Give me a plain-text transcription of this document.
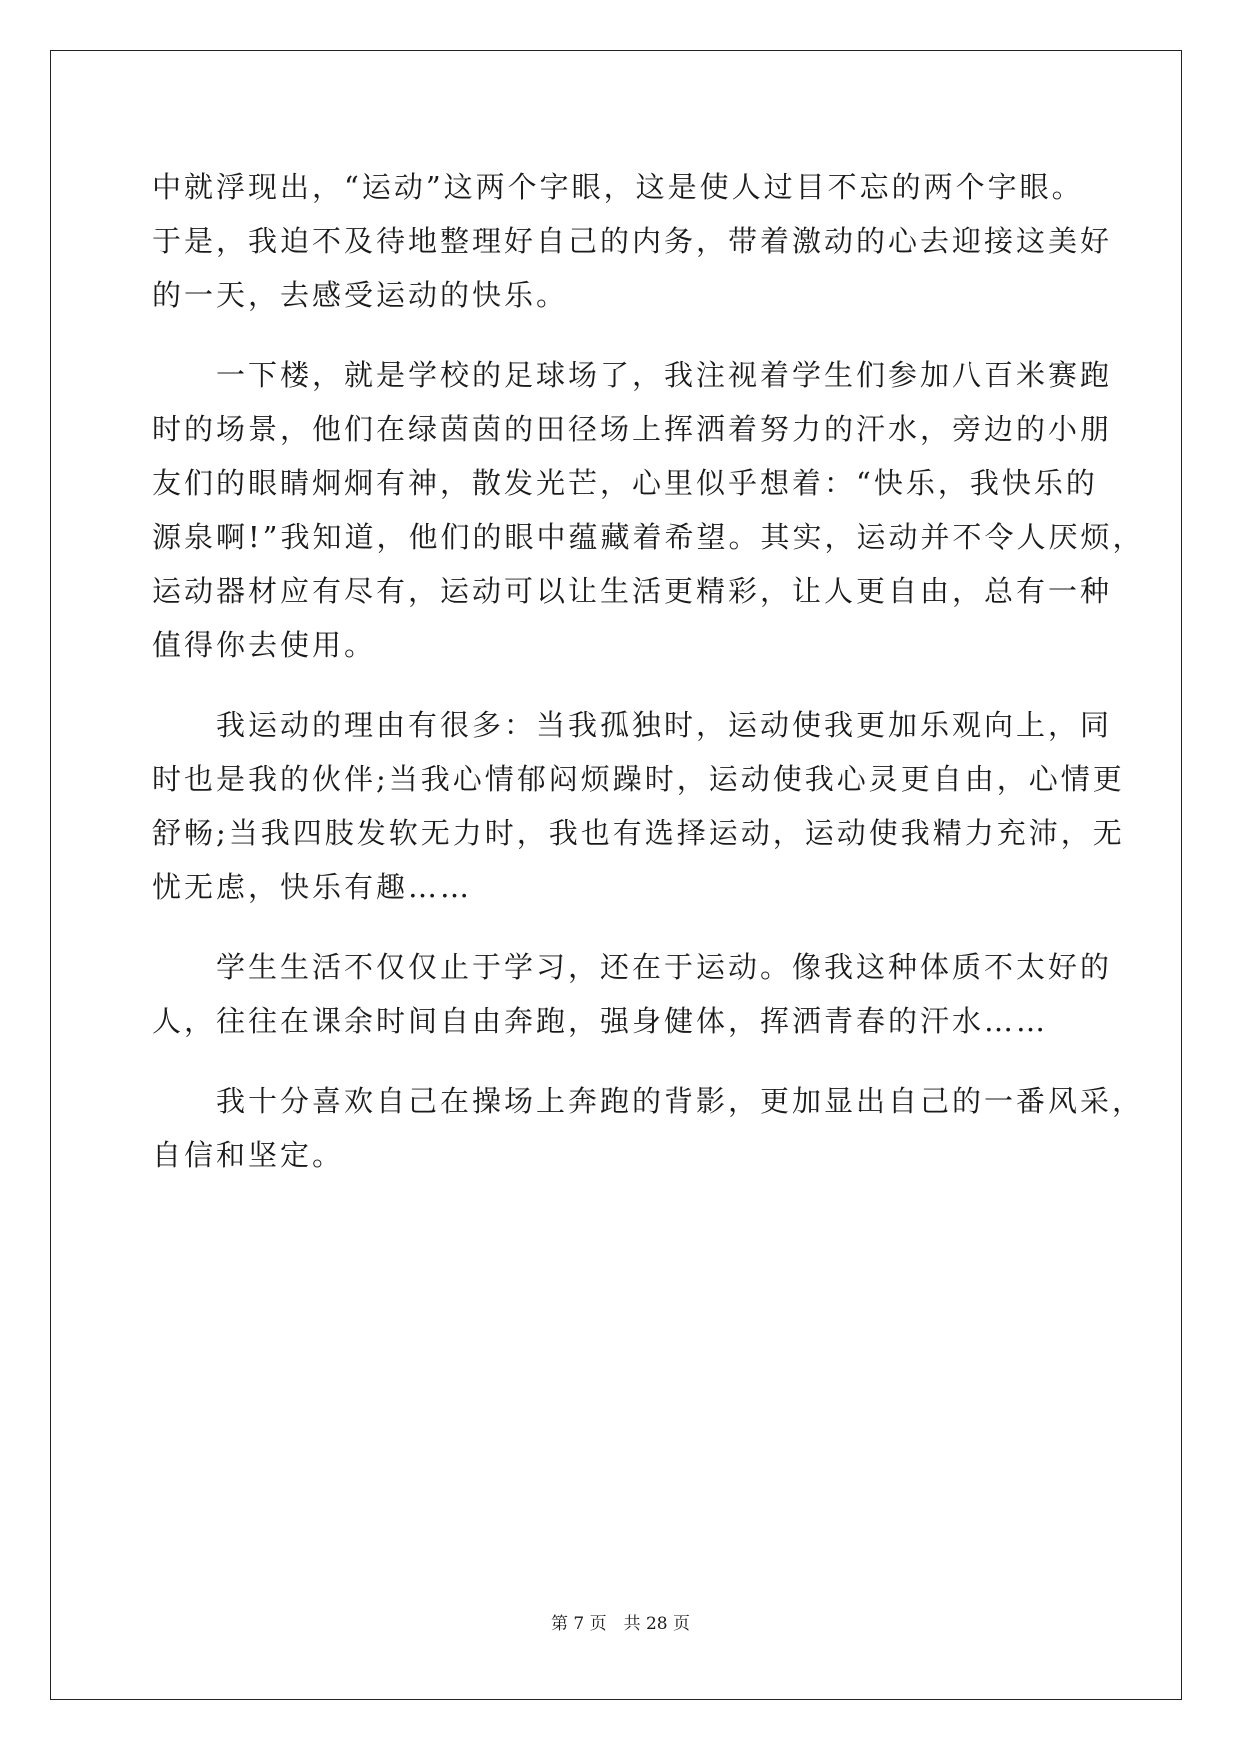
中就浮现出，“运动”这两个字眼，这是使人过目不忘的两个字眼。
于是，我迫不及待地整理好自己的内务，带着激动的心去迎接这美好
的一天，去感受运动的快乐。
　　一下楼，就是学校的足球场了，我注视着学生们参加八百米赛跑
时的场景，他们在绿茵茵的田径场上挥洒着努力的汗水，旁边的小朋
友们的眼睛炯炯有神，散发光芒，心里似乎想着：“快乐，我快乐的
源泉啊!”我知道，他们的眼中蕴藏着希望。其实，运动并不令人厌烦，
运动器材应有尽有，运动可以让生活更精彩，让人更自由，总有一种
值得你去使用。
　　我运动的理由有很多：当我孤独时，运动使我更加乐观向上，同
时也是我的伙伴;当我心情郁闷烦躁时，运动使我心灵更自由，心情更
舒畅;当我四肢发软无力时，我也有选择运动，运动使我精力充沛，无
忧无虑，快乐有趣……
　　学生生活不仅仅止于学习，还在于运动。像我这种体质不太好的
人，往往在课余时间自由奔跑，强身健体，挥洒青春的汗水……
　　我十分喜欢自己在操场上奔跑的背影，更加显出自己的一番风采，
自信和坚定。
第 7 页　共 28 页
